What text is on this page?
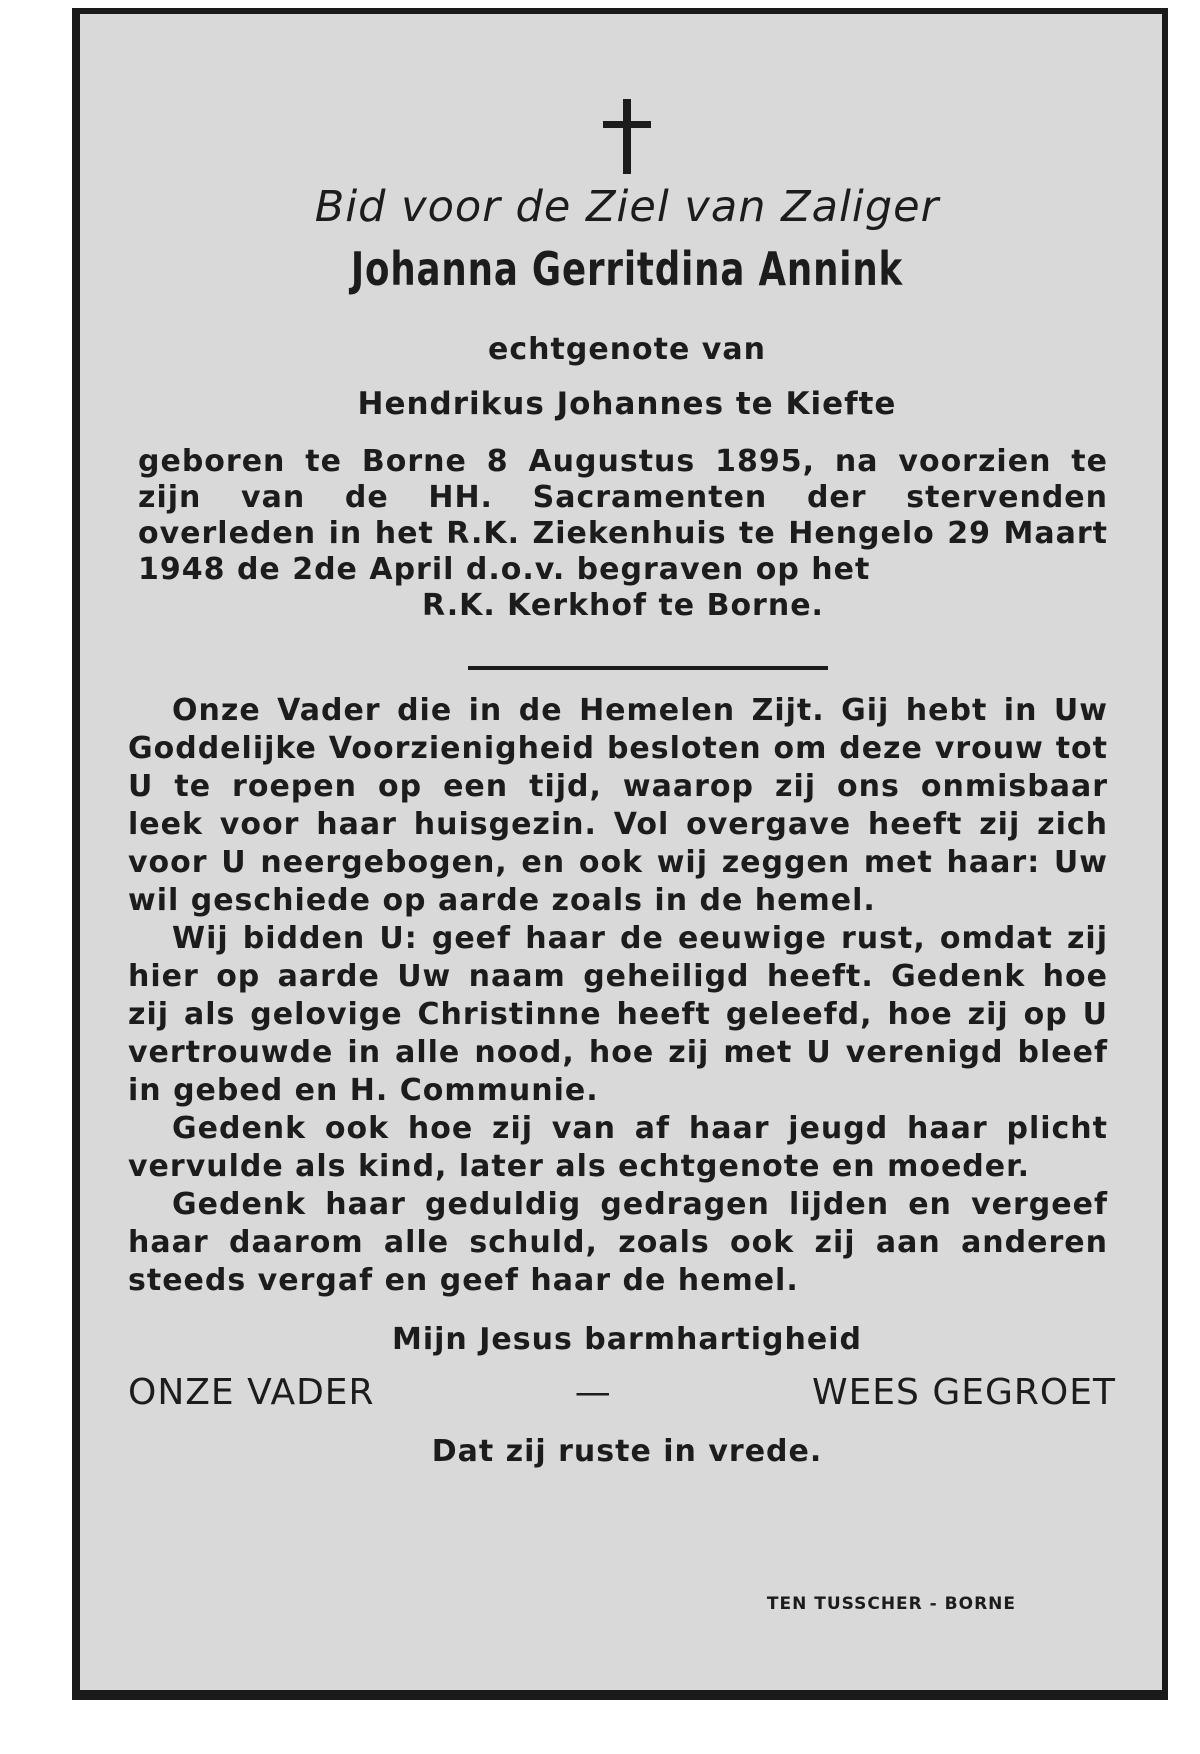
Bid voor de Ziel van Zaliger
Johanna Gerritdina Annink
echtgenote van
Hendrikus Johannes te Kiefte
geboren te Borne 8 Augustus 1895, na voorzien te zijn van de HH. Sacramenten der stervenden overleden in het R.K. Ziekenhuis te Hengelo 29 Maart 1948 de 2de April d.o.v. begraven op het
R.K. Kerkhof te Borne.

Onze Vader die in de Hemelen Zijt. Gij hebt in Uw Goddelijke Voorzienigheid besloten om deze vrouw tot U te roepen op een tijd, waarop zij ons onmisbaar leek voor haar huisgezin. Vol overgave heeft zij zich voor U neergebogen, en ook wij zeggen met haar: Uw wil geschiede op aarde zoals in de hemel.

Wij bidden U: geef haar de eeuwige rust, omdat zij hier op aarde Uw naam geheiligd heeft. Gedenk hoe zij als gelovige Christinne heeft geleefd, hoe zij op U vertrouwde in alle nood, hoe zij met U verenigd bleef in gebed en H. Communie.

Gedenk ook hoe zij van af haar jeugd haar plicht vervulde als kind, later als echtgenote en moeder.

Gedenk haar geduldig gedragen lijden en vergeef haar daarom alle schuld, zoals ook zij aan anderen steeds vergaf en geef haar de hemel.

Mijn Jesus barmhartigheid
ONZE VADER	—	WEES GEGROET
Dat zij ruste in vrede.
TEN TUSSCHER - BORNE
